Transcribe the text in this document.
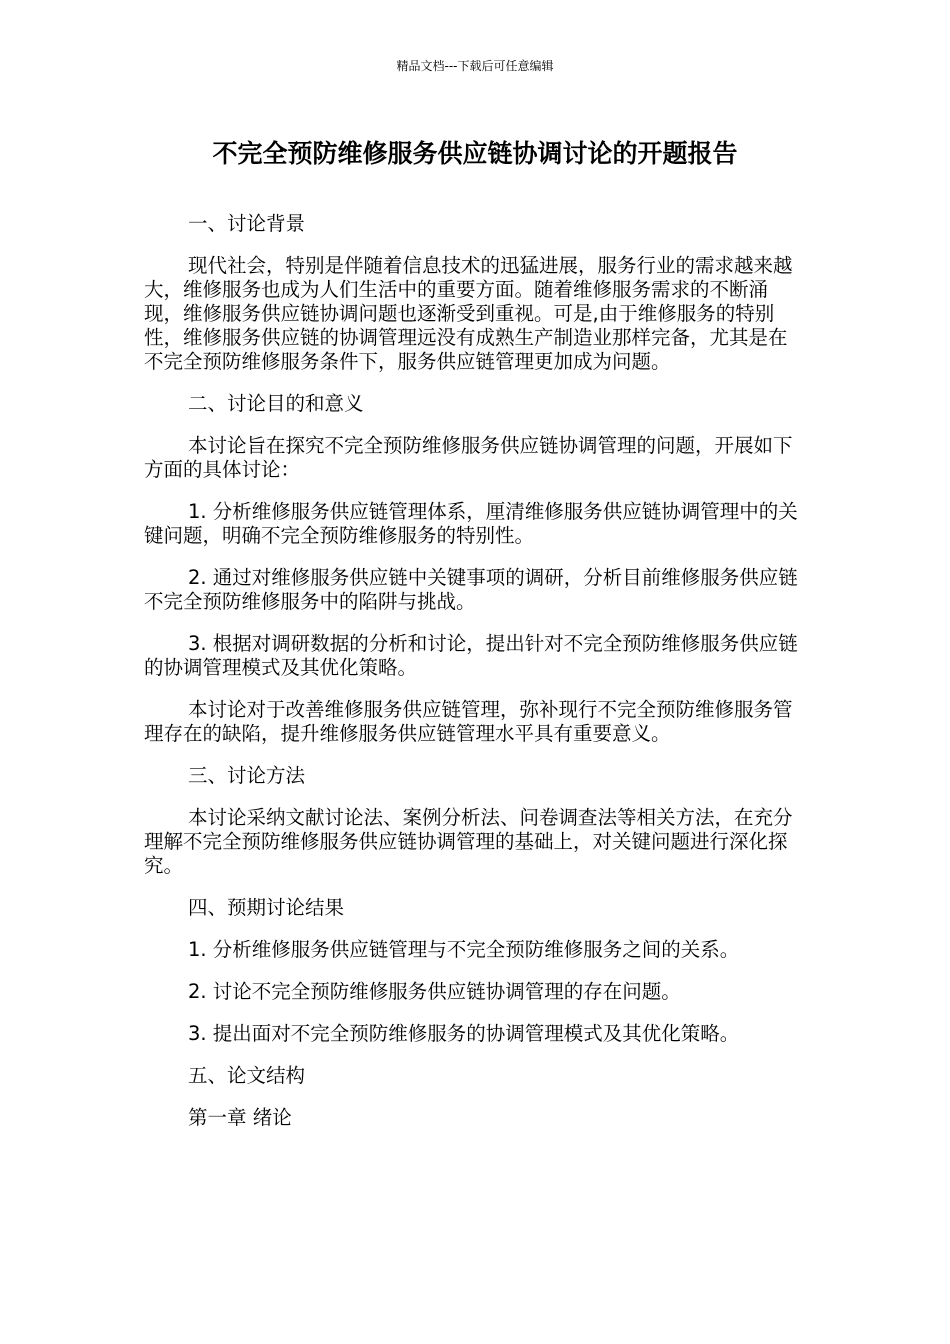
精品文档---下载后可任意编辑
不完全预防维修服务供应链协调讨论的开题报告

一、讨论背景

现代社会，特别是伴随着信息技术的迅猛进展，服务行业的需求越来越大，维修服务也成为人们生活中的重要方面。随着维修服务需求的不断涌现，维修服务供应链协调问题也逐渐受到重视。可是,由于维修服务的特别性，维修服务供应链的协调管理远没有成熟生产制造业那样完备，尤其是在不完全预防维修服务条件下，服务供应链管理更加成为问题。

二、讨论目的和意义

本讨论旨在探究不完全预防维修服务供应链协调管理的问题，开展如下方面的具体讨论：

1. 分析维修服务供应链管理体系，厘清维修服务供应链协调管理中的关键问题，明确不完全预防维修服务的特别性。

2. 通过对维修服务供应链中关键事项的调研，分析目前维修服务供应链不完全预防维修服务中的陷阱与挑战。

3. 根据对调研数据的分析和讨论，提出针对不完全预防维修服务供应链的协调管理模式及其优化策略。

本讨论对于改善维修服务供应链管理，弥补现行不完全预防维修服务管理存在的缺陷，提升维修服务供应链管理水平具有重要意义。

三、讨论方法

本讨论采纳文献讨论法、案例分析法、问卷调查法等相关方法，在充分理解不完全预防维修服务供应链协调管理的基础上，对关键问题进行深化探究。

四、预期讨论结果

1. 分析维修服务供应链管理与不完全预防维修服务之间的关系。

2. 讨论不完全预防维修服务供应链协调管理的存在问题。

3. 提出面对不完全预防维修服务的协调管理模式及其优化策略。

五、论文结构

第一章 绪论
